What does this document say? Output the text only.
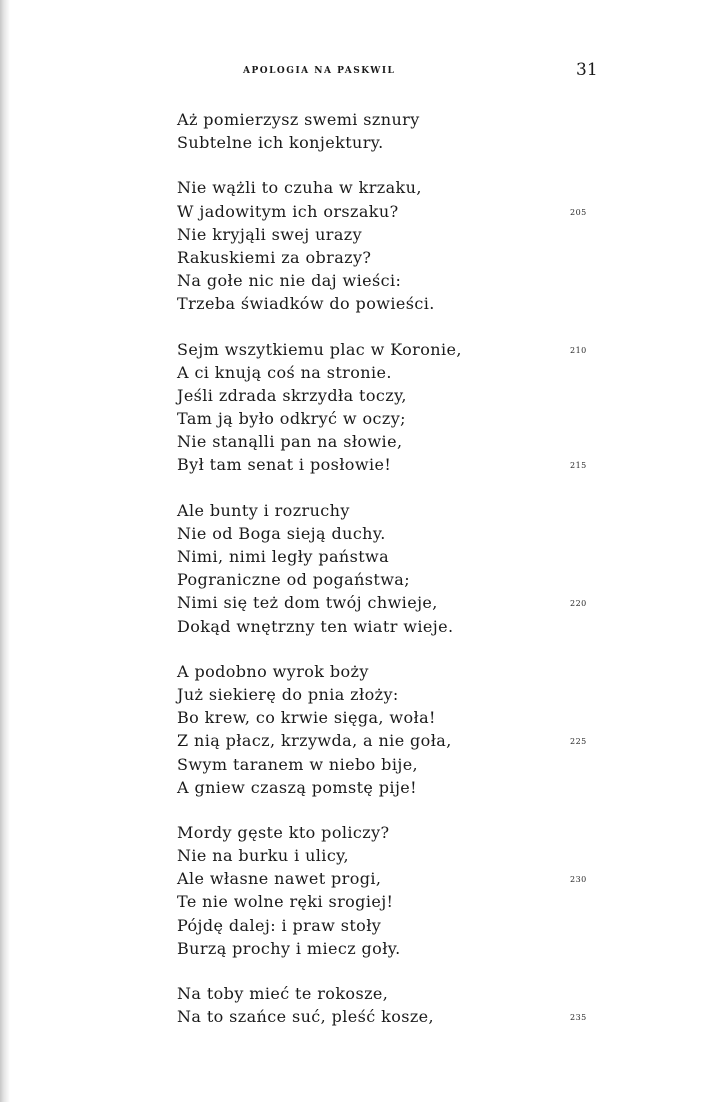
APOLOGIA NA PASKWIL	31
Aż pomierzysz swemi sznury
Subtelne ich konjektury.
Nie wążli to czuha w krzaku,
W jadowitym ich orszaku?	205
Nie kryjąli swej urazy
Rakuskiemi za obrazy?
Na gołe nic nie daj wieści:
Trzeba świadków do powieści.
Sejm wszytkiemu plac w Koronie,	210
A ci knują coś na stronie.
Jeśli zdrada skrzydła toczy,
Tam ją było odkryć w oczy;
Nie stanąlli pan na słowie,
Był tam senat i posłowie!	215
Ale bunty i rozruchy
Nie od Boga sieją duchy.
Nimi, nimi legły państwa
Pograniczne od pogaństwa;
Nimi się też dom twój chwieje,	220
Dokąd wnętrzny ten wiatr wieje.
A podobno wyrok boży
Już siekierę do pnia złoży:
Bo krew, co krwie sięga, woła!
Z nią płacz, krzywda, a nie goła,	225
Swym taranem w niebo bije,
A gniew czaszą pomstę pije!
Mordy gęste kto policzy?
Nie na burku i ulicy,
Ale własne nawet progi,	230
Te nie wolne ręki srogiej!
Pójdę dalej: i praw stoły
Burzą prochy i miecz goły.
Na toby mieć te rokosze,
Na to szańce suć, pleść kosze,	235
